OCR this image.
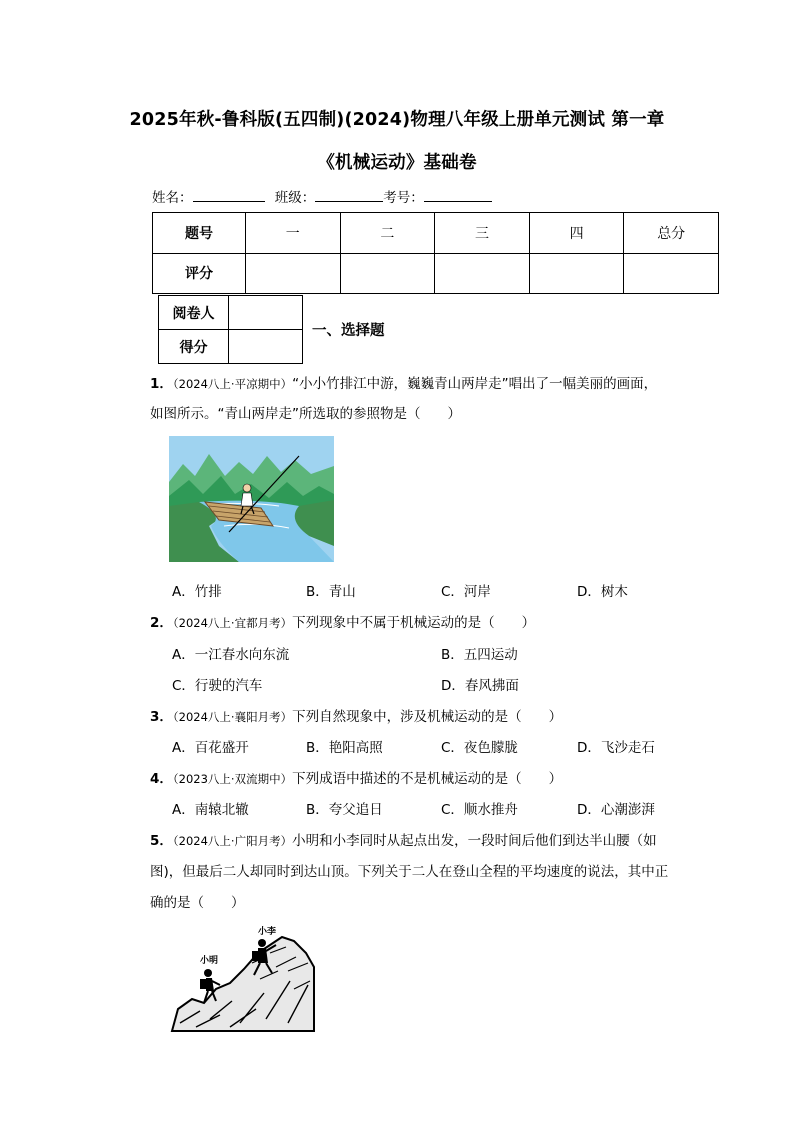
2025年秋-鲁科版(五四制)(2024)物理八年级上册单元测试 第一章
《机械运动》基础卷
姓名：	班级：	考号：
题号	一	二	三	四	总分
评分					
阅卷人	
得分	
一、选择题
1．（2024八上·平凉期中）“小小竹排江中游，巍巍青山两岸走”唱出了一幅美丽的画面，
如图所示。“青山两岸走”所选取的参照物是（　　）
A．竹排	B．青山	C．河岸	D．树木
2．（2024八上·宜都月考）下列现象中不属于机械运动的是（　　）
A．一江春水向东流	B．五四运动
C．行驶的汽车	D．春风拂面
3．（2024八上·襄阳月考）下列自然现象中，涉及机械运动的是（　　）
A．百花盛开	B．艳阳高照	C．夜色朦胧	D．飞沙走石
4．（2023八上·双流期中）下列成语中描述的不是机械运动的是（　　）
A．南辕北辙	B．夸父追日	C．顺水推舟	D．心潮澎湃
5．（2024八上·广阳月考）小明和小李同时从起点出发，一段时间后他们到达半山腰（如
图)，但最后二人却同时到达山顶。下列关于二人在登山全程的平均速度的说法，其中正
确的是（　　）
小明
小李
